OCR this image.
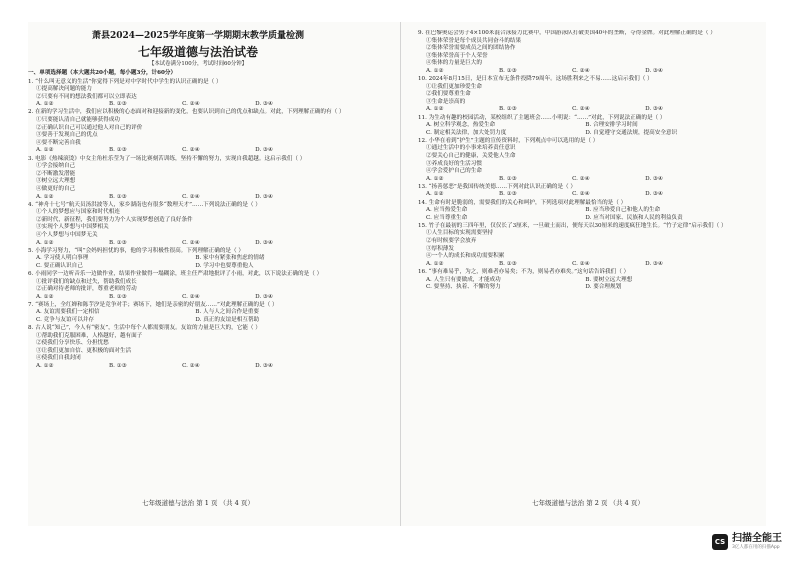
萧县2024—2025学年度第一学期期末教学质量检测
七年级道德与法治试卷
【本试卷满分100分，考试时间60分钟】
一、单项选择题（本大题共20小题，每小题3分，计60分）
1. “什么叫无意义的生活”你觉得下列是对中学时代中学生的认识正确的是（ ）
①提高解决问题的能力
②只要有不同的想法我们都可以立即表达
A. ①②	B. ①③	C. ②④	D. ③④
2. 在新的学习生活中，我们应以积极的心态面对和迎接新的变化，也要认识到自己的优点和缺点。对此，下列理解正确的有（ ）
①只要能认清自己就能够获得成功
②正确认识自己可以通过他人对自己的评价
③要善于发现自己的优点
④要不断完善自我
A. ①②	B. ①③	C. ②④	D. ③④
3. 电影《热辣滚烫》中女主角杜乐莹为了一场比赛刻苦训练，坚持不懈的努力，实现自我超越。这启示我们（ ）
①学会接纳自己
②不断激发潜能
③树立远大理想
④做更好的自己
A. ①②	B. ①③	C. ②④	D. ③④
4. “神舟十七号”航天员汤洪波等人，家乡湖南也有很多“数理天才”……下列说法正确的是（ ）
①个人的梦想应与国家和时代相连
②新时代，新征程，我们要努力为个人实现梦想创造了良好条件
③实现个人梦想与中国梦相关
④个人梦想与中国梦无关
A. ①②	B. ①③	C. ②④	D. ③④
5. 小海学习努力，“叫”会妈妈担忧的事，他的学习积极性很高。下列理解正确的是（ ）
A. 学习使人明白事理	B. 家中有紧张和焦虑的情绪
C. 要正确认识自己	D. 学习中也要尊重他人
6. 小雨同学一边听音乐一边做作业，结果作业做得一塌糊涂，班主任严肃地批评了小雨，对此，以下说法正确的是（ ）
①批评我们的缺点和过失，帮助我们成长
②正确对待老师的批评，尊重老师的劳动
A. ①②	B. ①③	C. ②④	D. ③④
7. “赛场上，全红婵和陈芋汐是竞争对手；赛场下，她们是亲密的好朋友……”对此理解正确的是（ ）
A. 友谊需要我们一定相信	B. 人与人之间合作是重要
C. 竞争与友谊可以并存	D. 真正的友谊是相互帮助
8. 古人说“知己”，今人有“密友”，生活中每个人都需要朋友。友谊的力量是巨大的，它能（ ）
①帮助我们克服困难，人格越好，越有面子
②使我们分享快乐、分担忧愁
③让我们更加自信、更积极的面对生活
④使我们自我封闭
A. ①②	B. ①③	C. ②④	D. ③④
七年级道德与法治 第 1 页 （共 4 页）
9. 在巴黎奥运会男子4×100米混合泳接力比赛中，中国游泳队打破美国40年的垄断，夺得金牌。对此理解正确的是（ ）
①集体荣誉是每个成员共同奋斗的结果
②集体荣誉需要成员之间的团结协作
③集体荣誉高于个人荣誉
④集体的力量是巨大的
A. ①②	B. ①③	C. ②④	D. ③④
10. 2024年8月15日，是日本宣布无条件投降79周年。这场胜利来之不易……这启示我们（ ）
①让我们更加珍爱生命
②我们要尊重生命
③生命是崇高的
A. ①②	B. ①③	C. ②④	D. ③④
11. 为生动有趣的校园活动，某校组织了主题班会……小明说：“……”对此，下列说法正确的是（ ）
A. 树立科学观念，热爱生命	B. 合理安排学习时间
C. 制定相关法律，加大处罚力度	D. 自觉遵守交通法规，提高安全意识
12. 小华在看到“护生”主题的宣传资料时，下列观点中可以选用的是（ ）
①通过生活中的小事来培养责任意识
②要关心自己的健康，关爱他人生命
③养成良好的生活习惯
④学会爱护自己的生命
A. ①②	B. ①③	C. ②④	D. ③④
13. “扬善惩恶”是我国传统美德……下列对此认识正确的是（ ）
A. ①②	B. ①③	C. ②④	D. ③④
14. 生命有时是脆弱的，需要我们的关心和呵护，下列选项对此理解最恰当的是（ ）
A. 应当热爱生命	B. 应当珍爱自己和他人的生命
C. 应当尊重生命	D. 应当对国家、民族和人民的利益负责
15. 竹子在最初的三四年里，仅仅长了3厘米，一旦破土而出，便每天以30厘米的速度疯狂地生长。“竹子定律”启示我们（ ）
①人生目标的实现需要坚持
②有时候要学会放弃
③厚积薄发
④一个人的成长和成功需要积累
A. ①②	B. ①③	C. ②④	D. ③④
16. “事有难易乎，为之，则难者亦易矣；不为，则易者亦难矣。”这句话告诉我们（ ）
A. 人生只有要做成，才能成功	B. 要树立远大理想
C. 要坚持、执着、不懈的努力	D. 要合理规划
七年级道德与法治 第 2 页 （共 4 页）
CS 扫描全能王
3亿人都在用的扫描App
